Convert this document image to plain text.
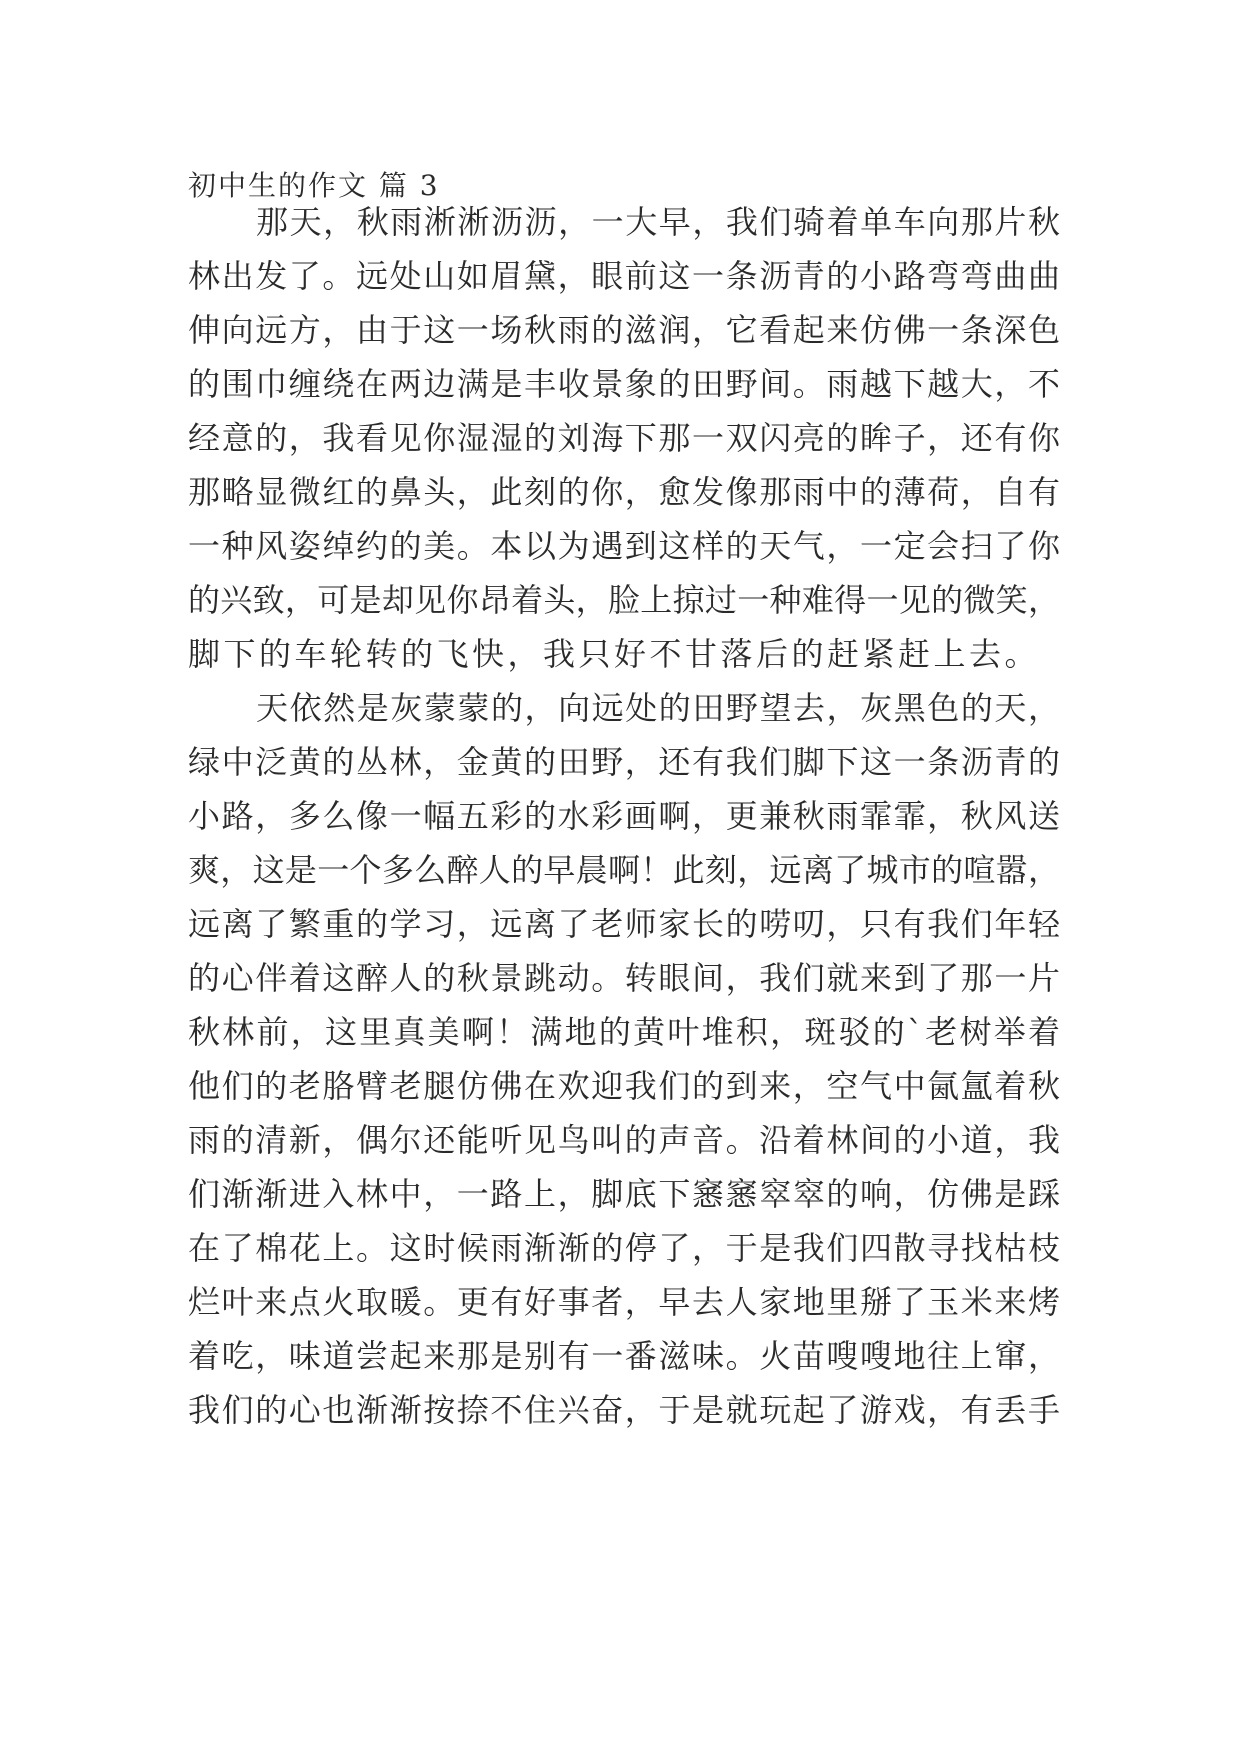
初中生的作文 篇 3
那天，秋雨淅淅沥沥，一大早，我们骑着单车向那片秋
林出发了。远处山如眉黛，眼前这一条沥青的小路弯弯曲曲
伸向远方，由于这一场秋雨的滋润，它看起来仿佛一条深色
的围巾缠绕在两边满是丰收景象的田野间。雨越下越大，不
经意的，我看见你湿湿的刘海下那一双闪亮的眸子，还有你
那略显微红的鼻头，此刻的你，愈发像那雨中的薄荷，自有
一种风姿绰约的美。本以为遇到这样的天气，一定会扫了你
的兴致，可是却见你昂着头，脸上掠过一种难得一见的微笑，
脚下的车轮转的飞快，我只好不甘落后的赶紧赶上去。
天依然是灰蒙蒙的，向远处的田野望去，灰黑色的天，
绿中泛黄的丛林，金黄的田野，还有我们脚下这一条沥青的
小路，多么像一幅五彩的水彩画啊，更兼秋雨霏霏，秋风送
爽，这是一个多么醉人的早晨啊！此刻，远离了城市的喧嚣，
远离了繁重的学习，远离了老师家长的唠叨，只有我们年轻
的心伴着这醉人的秋景跳动。转眼间，我们就来到了那一片
秋林前，这里真美啊！满地的黄叶堆积，斑驳的`老树举着
他们的老胳臂老腿仿佛在欢迎我们的到来，空气中氤氲着秋
雨的清新，偶尔还能听见鸟叫的声音。沿着林间的小道，我
们渐渐进入林中，一路上，脚底下窸窸窣窣的响，仿佛是踩
在了棉花上。这时候雨渐渐的停了，于是我们四散寻找枯枝
烂叶来点火取暖。更有好事者，早去人家地里掰了玉米来烤
着吃，味道尝起来那是别有一番滋味。火苗嗖嗖地往上窜，
我们的心也渐渐按捺不住兴奋，于是就玩起了游戏，有丢手
